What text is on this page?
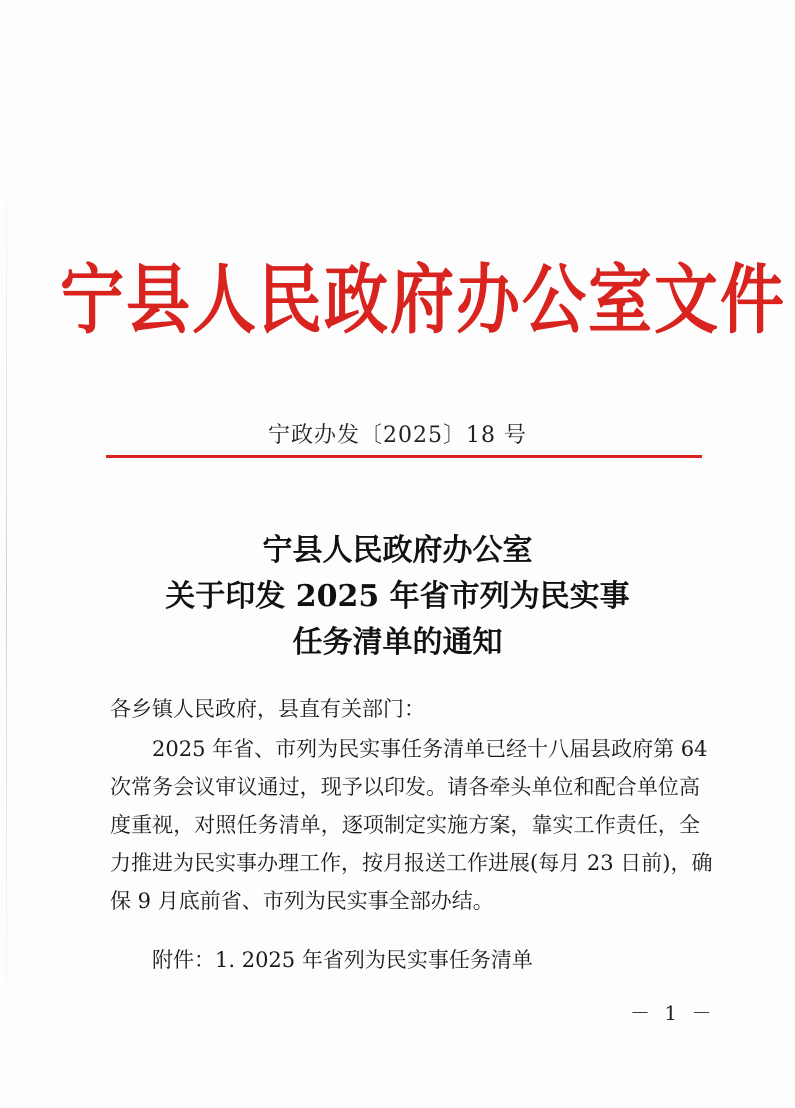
宁县人民政府办公室文件
宁政办发〔2025〕18 号
宁县人民政府办公室
关于印发 2025 年省市列为民实事
任务清单的通知
各乡镇人民政府，县直有关部门：
2025 年省、市列为民实事任务清单已经十八届县政府第 64
次常务会议审议通过，现予以印发。请各牵头单位和配合单位高
度重视，对照任务清单，逐项制定实施方案，靠实工作责任，全
力推进为民实事办理工作，按月报送工作进展(每月 23 日前)，确
保 9 月底前省、市列为民实事全部办结。
附件：1. 2025 年省列为民实事任务清单
－ 1 －
